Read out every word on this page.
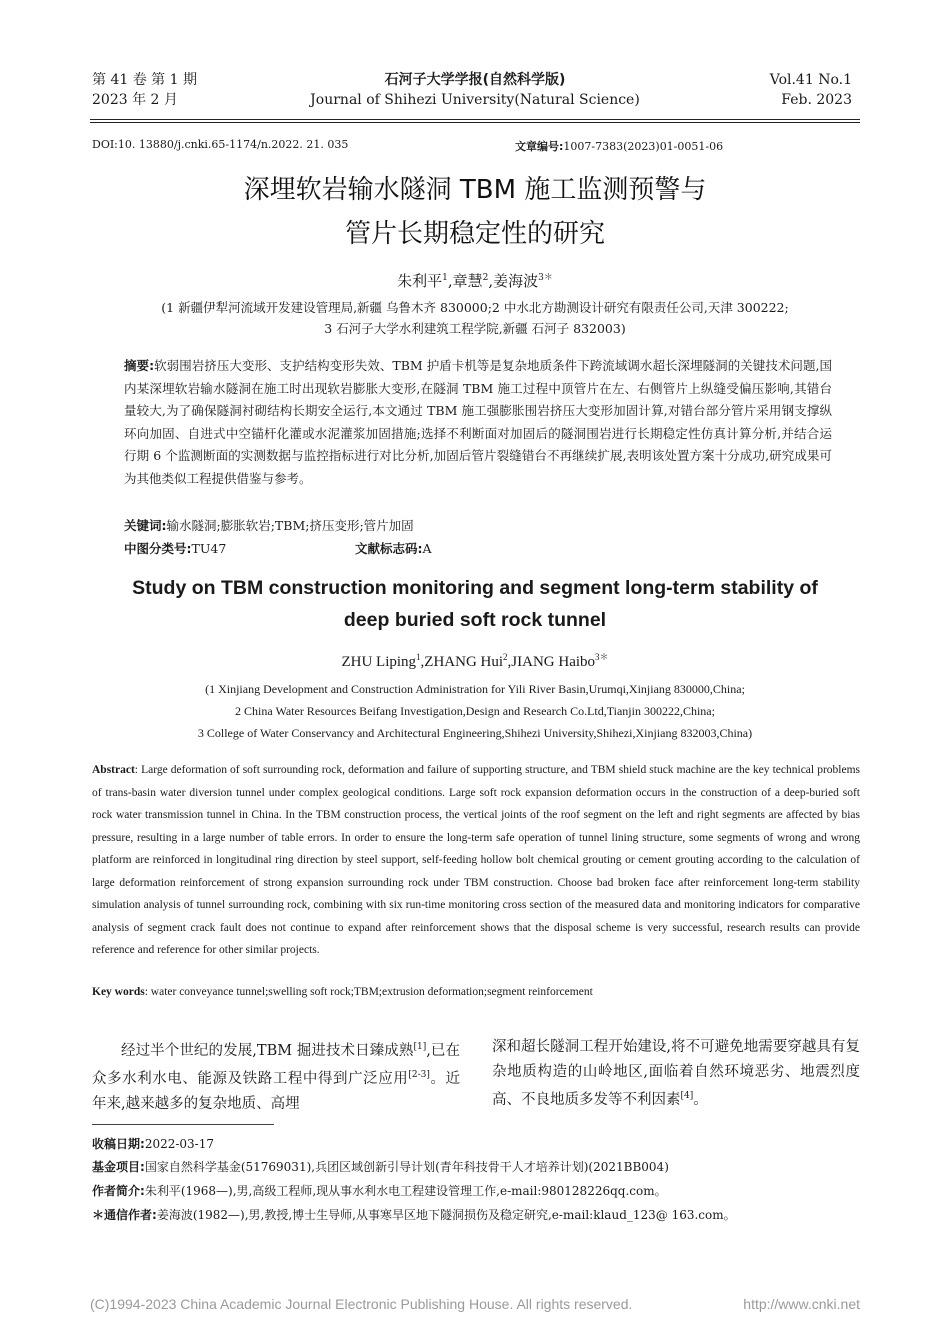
第 41 卷 第 1 期
2023 年 2 月
石河子大学学报(自然科学版)
Journal of Shihezi University(Natural Science)
Vol.41 No.1
Feb. 2023
DOI:10. 13880/j.cnki.65-1174/n.2022. 21. 035	文章编号:1007-7383(2023)01-0051-06
深埋软岩输水隧洞 TBM 施工监测预警与
管片长期稳定性的研究
朱利平$^1$,章慧$^2$,姜海波$^{3*}$
(1 新疆伊犁河流域开发建设管理局,新疆 乌鲁木齐 830000;2 中水北方勘测设计研究有限责任公司,天津 300222;
3 石河子大学水利建筑工程学院,新疆 石河子 832003)
摘要:软弱围岩挤压大变形、支护结构变形失效、TBM 护盾卡机等是复杂地质条件下跨流域调水超长深埋隧洞的关键技术问题,国内某深埋软岩输水隧洞在施工时出现软岩膨胀大变形,在隧洞 TBM 施工过程中顶管片在左、右侧管片上纵缝受偏压影响,其错台量较大,为了确保隧洞衬砌结构长期安全运行,本文通过 TBM 施工强膨胀围岩挤压大变形加固计算,对错台部分管片采用钢支撑纵环向加固、自进式中空锚杆化灌或水泥灌浆加固措施;选择不利断面对加固后的隧洞围岩进行长期稳定性仿真计算分析,并结合运行期 6 个监测断面的实测数据与监控指标进行对比分析,加固后管片裂缝错台不再继续扩展,表明该处置方案十分成功,研究成果可为其他类似工程提供借鉴与参考。
关键词:输水隧洞;膨胀软岩;TBM;挤压变形;管片加固
中图分类号:TU47	文献标志码:A
Study on TBM construction monitoring and segment long-term stability of
deep buried soft rock tunnel
ZHU Liping$^1$,ZHANG Hui$^2$,JIANG Haibo$^{3*}$
(1 Xinjiang Development and Construction Administration for Yili River Basin,Urumqi,Xinjiang 830000,China;
2 China Water Resources Beifang Investigation,Design and Research Co.Ltd,Tianjin 300222,China;
3 College of Water Conservancy and Architectural Engineering,Shihezi University,Shihezi,Xinjiang 832003,China)
Abstract: Large deformation of soft surrounding rock, deformation and failure of supporting structure, and TBM shield stuck machine are the key technical problems of trans-basin water diversion tunnel under complex geological conditions. Large soft rock expansion deformation occurs in the construction of a deep-buried soft rock water transmission tunnel in China. In the TBM construction process, the vertical joints of the roof segment on the left and right segments are affected by bias pressure, resulting in a large number of table errors. In order to ensure the long-term safe operation of tunnel lining structure, some segments of wrong and wrong platform are reinforced in longitudinal ring direction by steel support, self-feeding hollow bolt chemical grouting or cement grouting according to the calculation of large deformation reinforcement of strong expansion surrounding rock under TBM construction. Choose bad broken face after reinforcement long-term stability simulation analysis of tunnel surrounding rock, combining with six run-time monitoring cross section of the measured data and monitoring indicators for comparative analysis of segment crack fault does not continue to expand after reinforcement shows that the disposal scheme is very successful, research results can provide reference and reference for other similar projects.
Key words: water conveyance tunnel;swelling soft rock;TBM;extrusion deformation;segment reinforcement
经过半个世纪的发展,TBM 掘进技术日臻成熟[1],已在众多水利水电、能源及铁路工程中得到广泛应用[2-3]。近年来,越来越多的复杂地质、高埋
深和超长隧洞工程开始建设,将不可避免地需要穿越具有复杂地质构造的山岭地区,面临着自然环境恶劣、地震烈度高、不良地质多发等不利因素[4]。
收稿日期:2022-03-17
基金项目:国家自然科学基金(51769031),兵团区域创新引导计划(青年科技骨干人才培养计划)(2021BB004)
作者简介:朱利平(1968—),男,高级工程师,现从事水利水电工程建设管理工作,e-mail:980128226qq.com。
＊通信作者:姜海波(1982—),男,教授,博士生导师,从事寒旱区地下隧洞损伤及稳定研究,e-mail:klaud_123@ 163.com。
(C)1994-2023 China Academic Journal Electronic Publishing House. All rights reserved.	http://www.cnki.net
